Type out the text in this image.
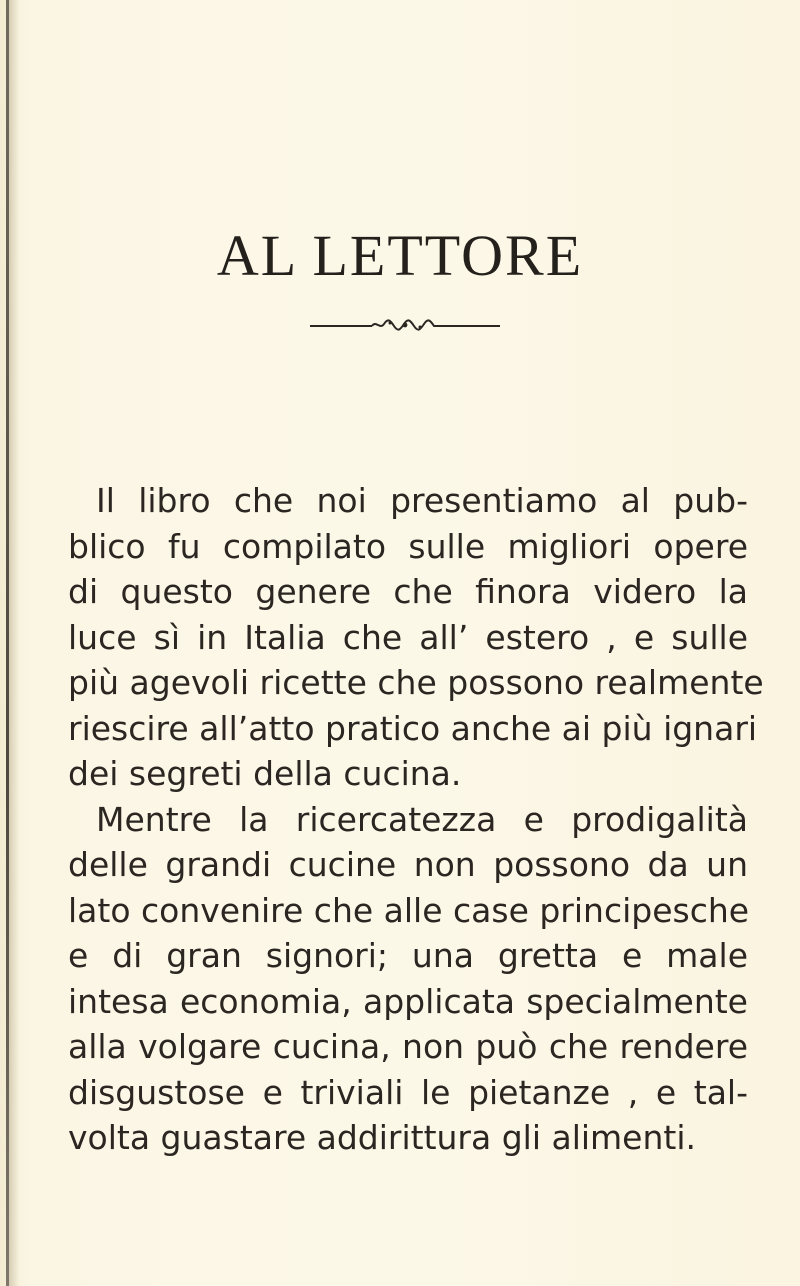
AL LETTORE
Il libro che noi presentiamo al pub-
blico fu compilato sulle migliori opere
di questo genere che finora videro la
luce sì in Italia che all’ estero , e sulle
più agevoli ricette che possono realmente
riescire all’atto pratico anche ai più ignari
dei segreti della cucina.
Mentre la ricercatezza e prodigalità
delle grandi cucine non possono da un
lato convenire che alle case principesche
e di gran signori; una gretta e male
intesa economia, applicata specialmente
alla volgare cucina, non può che rendere
disgustose e triviali le pietanze , e tal-
volta guastare addirittura gli alimenti.
